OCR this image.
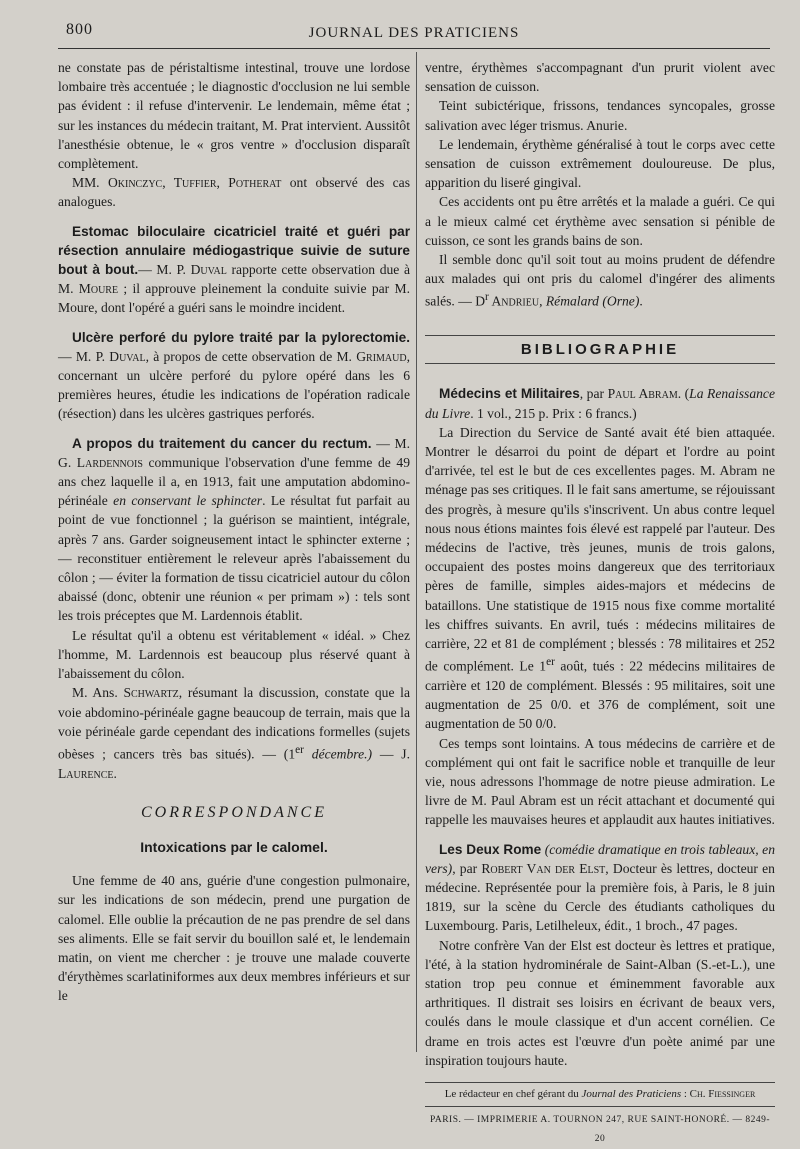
800	JOURNAL DES PRATICIENS

ne constate pas de péristaltisme intestinal, trouve une lordose lombaire très accentuée ; le diagnostic d'occlusion ne lui semble pas évident : il refuse d'intervenir. Le lendemain, même état ; sur les instances du médecin traitant, M. Prat intervient. Aussitôt l'anesthésie obtenue, le « gros ventre » d'occlusion disparaît complètement.

MM. Okinczyc, Tuffier, Potherat ont observé des cas analogues.

Estomac biloculaire cicatriciel traité et guéri par résection annulaire médiogastrique suivie de suture bout à bout.— M. P. Duval rapporte cette observation due à M. Moure ; il approuve pleinement la conduite suivie par M. Moure, dont l'opéré a guéri sans le moindre incident.

Ulcère perforé du pylore traité par la pylorectomie. — M. P. Duval, à propos de cette observation de M. Grimaud, concernant un ulcère perforé du pylore opéré dans les 6 premières heures, étudie les indications de l'opération radicale (résection) dans les ulcères gastriques perforés.

A propos du traitement du cancer du rectum. — M. G. Lardennois communique l'observation d'une femme de 49 ans chez laquelle il a, en 1913, fait une amputation abdomino-périnéale en conservant le sphincter. Le résultat fut parfait au point de vue fonctionnel ; la guérison se maintient, intégrale, après 7 ans. Garder soigneusement intact le sphincter externe ; — reconstituer entièrement le releveur après l'abaissement du côlon ; — éviter la formation de tissu cicatriciel autour du côlon abaissé (donc, obtenir une réunion « per primam ») : tels sont les trois préceptes que M. Lardennois établit.

Le résultat qu'il a obtenu est véritablement « idéal. » Chez l'homme, M. Lardennois est beaucoup plus réservé quant à l'abaissement du côlon.

M. Ans. Schwartz, résumant la discussion, constate que la voie abdomino-périnéale gagne beaucoup de terrain, mais que la voie périnéale garde cependant des indications formelles (sujets obèses ; cancers très bas situés). — (1er décembre.) — J. Laurence.

CORRESPONDANCE
Intoxications par le calomel.

Une femme de 40 ans, guérie d'une congestion pulmonaire, sur les indications de son médecin, prend une purgation de calomel. Elle oublie la précaution de ne pas prendre de sel dans ses aliments. Elle se fait servir du bouillon salé et, le lendemain matin, on vient me chercher : je trouve une malade couverte d'érythèmes scarlatiniformes aux deux membres inférieurs et sur le

ventre, érythèmes s'accompagnant d'un prurit violent avec sensation de cuisson.

Teint subictérique, frissons, tendances syncopales, grosse salivation avec léger trismus. Anurie.

Le lendemain, érythème généralisé à tout le corps avec cette sensation de cuisson extrêmement douloureuse. De plus, apparition du liseré gingival.

Ces accidents ont pu être arrêtés et la malade a guéri. Ce qui a le mieux calmé cet érythème avec sensation si pénible de cuisson, ce sont les grands bains de son.

Il semble donc qu'il soit tout au moins prudent de défendre aux malades qui ont pris du calomel d'ingérer des aliments salés. — $D^r$ Andrieu, Rémalard (Orne).

BIBLIOGRAPHIE

Médecins et Militaires, par Paul Abram. (La Renaissance du Livre. 1 vol., 215 p. Prix : 6 francs.)

La Direction du Service de Santé avait été bien attaquée. Montrer le désarroi du point de départ et l'ordre au point d'arrivée, tel est le but de ces excellentes pages. M. Abram ne ménage pas ses critiques. Il le fait sans amertume, se réjouissant des progrès, à mesure qu'ils s'inscrivent. Un abus contre lequel nous nous étions maintes fois élevé est rappelé par l'auteur. Des médecins de l'active, très jeunes, munis de trois galons, occupaient des postes moins dangereux que des territoriaux pères de famille, simples aides-majors et médecins de bataillons. Une statistique de 1915 nous fixe comme mortalité les chiffres suivants. En avril, tués : médecins militaires de carrière, 22 et 81 de complément ; blessés : 78 militaires et 252 de complément. Le 1er août, tués : 22 médecins militaires de carrière et 120 de complément. Blessés : 95 militaires, soit une augmentation de 25 0/0. et 376 de complément, soit une augmentation de 50 0/0.

Ces temps sont lointains. A tous médecins de carrière et de complément qui ont fait le sacrifice noble et tranquille de leur vie, nous adressons l'hommage de notre pieuse admiration. Le livre de M. Paul Abram est un récit attachant et documenté qui rappelle les mauvaises heures et applaudit aux hautes initiatives.

Les Deux Rome (comédie dramatique en trois tableaux, en vers), par Robert Van der Elst, Docteur ès lettres, docteur en médecine. Représentée pour la première fois, à Paris, le 8 juin 1819, sur la scène du Cercle des étudiants catholiques du Luxembourg. Paris, Letilheleux, édit., 1 broch., 47 pages.

Notre confrère Van der Elst est docteur ès lettres et pratique, l'été, à la station hydrominérale de Saint-Alban (S.-et-L.), une station trop peu connue et éminemment favorable aux arthritiques. Il distrait ses loisirs en écrivant de beaux vers, coulés dans le moule classique et d'un accent cornélien. Ce drame en trois actes est l'œuvre d'un poète animé par une inspiration toujours haute.

Le rédacteur en chef gérant du Journal des Praticiens : Ch. Fiessinger
PARIS. — IMPRIMERIE A. TOURNON 247, RUE SAINT-HONORÉ. — 8249-20
